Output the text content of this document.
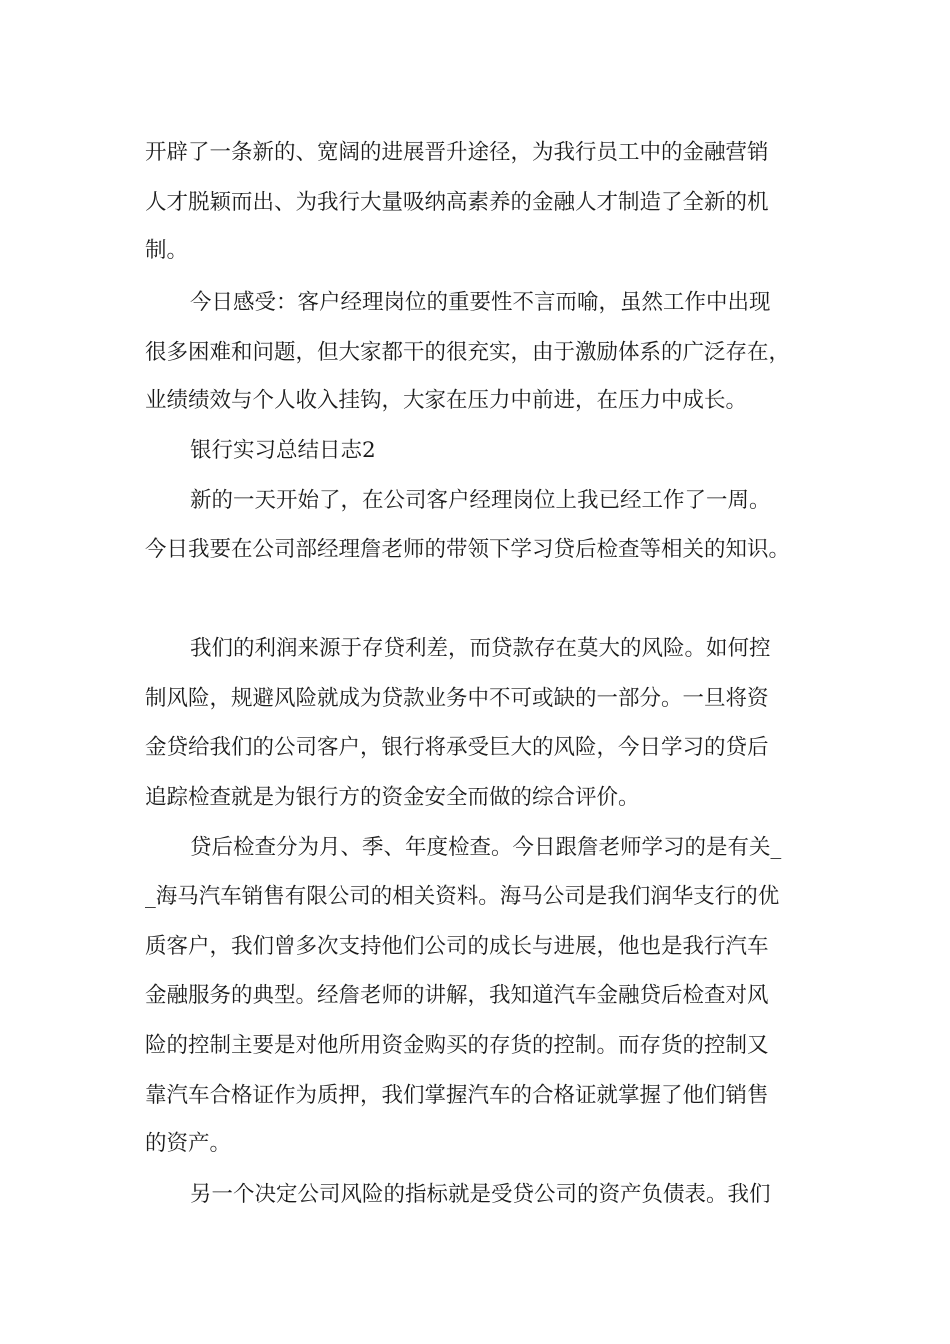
开辟了一条新的、宽阔的进展晋升途径，为我行员工中的金融营销

人才脱颖而出、为我行大量吸纳高素养的金融人才制造了全新的机

制。

今日感受：客户经理岗位的重要性不言而喻，虽然工作中出现

很多困难和问题，但大家都干的很充实，由于激励体系的广泛存在，

业绩绩效与个人收入挂钩，大家在压力中前进，在压力中成长。

银行实习总结日志2

新的一天开始了，在公司客户经理岗位上我已经工作了一周。

今日我要在公司部经理詹老师的带领下学习贷后检查等相关的知识。

我们的利润来源于存贷利差，而贷款存在莫大的风险。如何控

制风险，规避风险就成为贷款业务中不可或缺的一部分。一旦将资

金贷给我们的公司客户，银行将承受巨大的风险，今日学习的贷后

追踪检查就是为银行方的资金安全而做的综合评价。

贷后检查分为月、季、年度检查。今日跟詹老师学习的是有关_

_海马汽车销售有限公司的相关资料。海马公司是我们润华支行的优

质客户，我们曾多次支持他们公司的成长与进展，他也是我行汽车

金融服务的典型。经詹老师的讲解，我知道汽车金融贷后检查对风

险的控制主要是对他所用资金购买的存货的控制。而存货的控制又

靠汽车合格证作为质押，我们掌握汽车的合格证就掌握了他们销售

的资产。

另一个决定公司风险的指标就是受贷公司的资产负债表。我们
